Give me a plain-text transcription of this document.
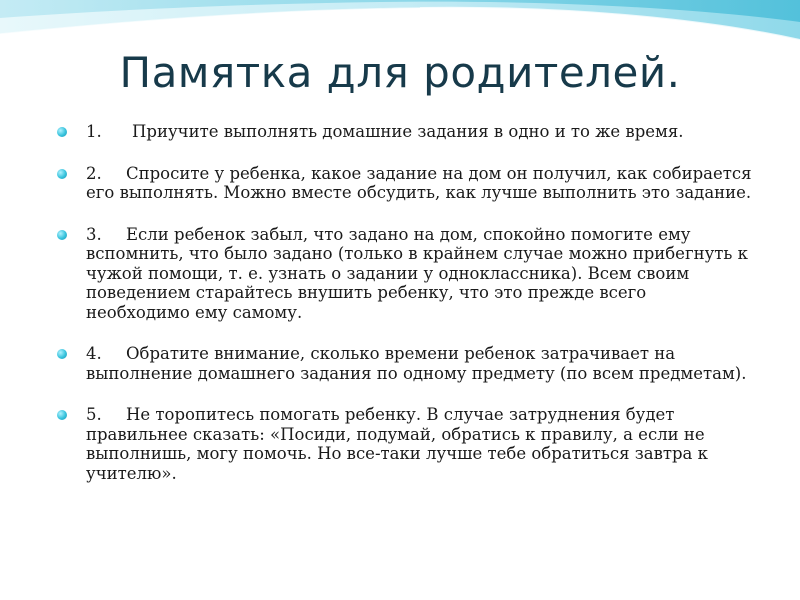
Памятка для родителей.
1. Приучите выполнять домашние задания в одно и то же время.
2. Спросите у ребенка, какое задание на дом он получил, как собирается его выполнять. Можно вместе обсудить, как лучше выполнить это задание.
3. Если ребенок забыл, что задано на дом, спокойно помогите ему вспомнить, что было задано (только в крайнем случае можно прибегнуть к чужой помощи, т. е. узнать о задании у одноклассника). Всем своим поведением старайтесь внушить ребенку, что это прежде всего необходимо ему самому.
4. Обратите внимание, сколько времени ребенок затрачивает на выполнение домашнего задания по одному предмету (по всем предметам).
5. Не торопитесь помогать ребенку. В случае затруднения будет правильнее сказать: «Посиди, подумай, обратись к правилу, а если не выполнишь, могу помочь. Но все-таки лучше тебе обратиться завтра к учителю».
